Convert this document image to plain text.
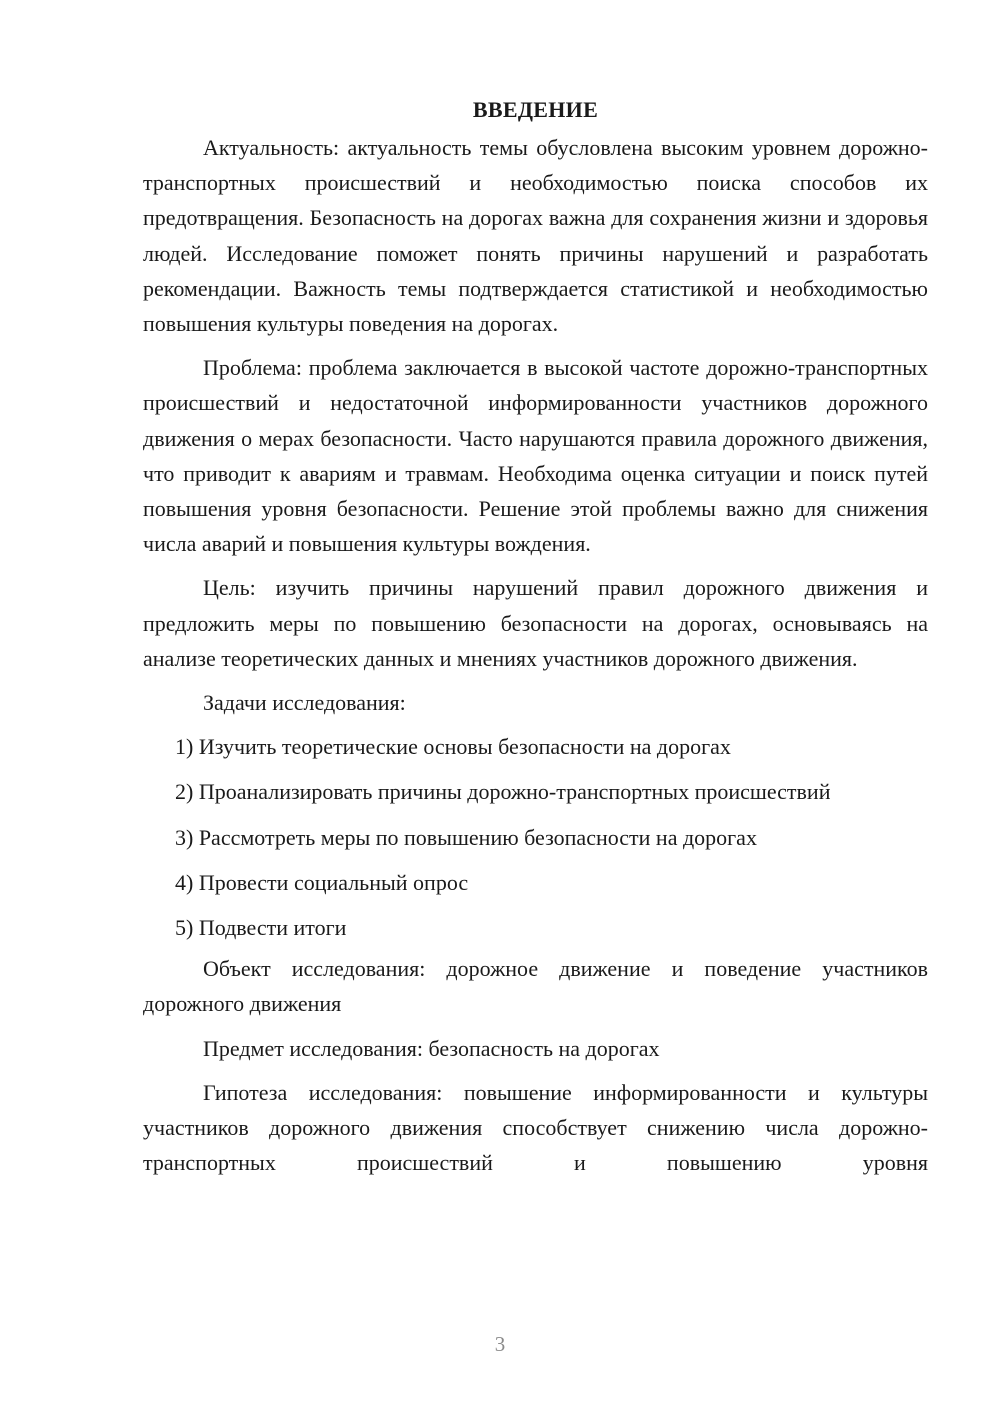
ВВЕДЕНИЕ

Актуальность: актуальность темы обусловлена высоким уровнем дорожно-транспортных происшествий и необходимостью поиска способов их предотвращения. Безопасность на дорогах важна для сохранения жизни и здоровья людей. Исследование поможет понять причины нарушений и разработать рекомендации. Важность темы подтверждается статистикой и необходимостью повышения культуры поведения на дорогах.

Проблема: проблема заключается в высокой частоте дорожно-транспортных происшествий и недостаточной информированности участников дорожного движения о мерах безопасности. Часто нарушаются правила дорожного движения, что приводит к авариям и травмам. Необходима оценка ситуации и поиск путей повышения уровня безопасности. Решение этой проблемы важно для снижения числа аварий и повышения культуры вождения.

Цель: изучить причины нарушений правил дорожного движения и предложить меры по повышению безопасности на дорогах, основываясь на анализе теоретических данных и мнениях участников дорожного движения.

Задачи исследования:

1) Изучить теоретические основы безопасности на дорогах

2) Проанализировать причины дорожно-транспортных происшествий

3) Рассмотреть меры по повышению безопасности на дорогах

4) Провести социальный опрос

5) Подвести итоги

Объект исследования: дорожное движение и поведение участников дорожного движения

Предмет исследования: безопасность на дорогах

Гипотеза исследования: повышение информированности и культуры участников дорожного движения способствует снижению числа дорожно-транспортных происшествий и повышению уровня

3
